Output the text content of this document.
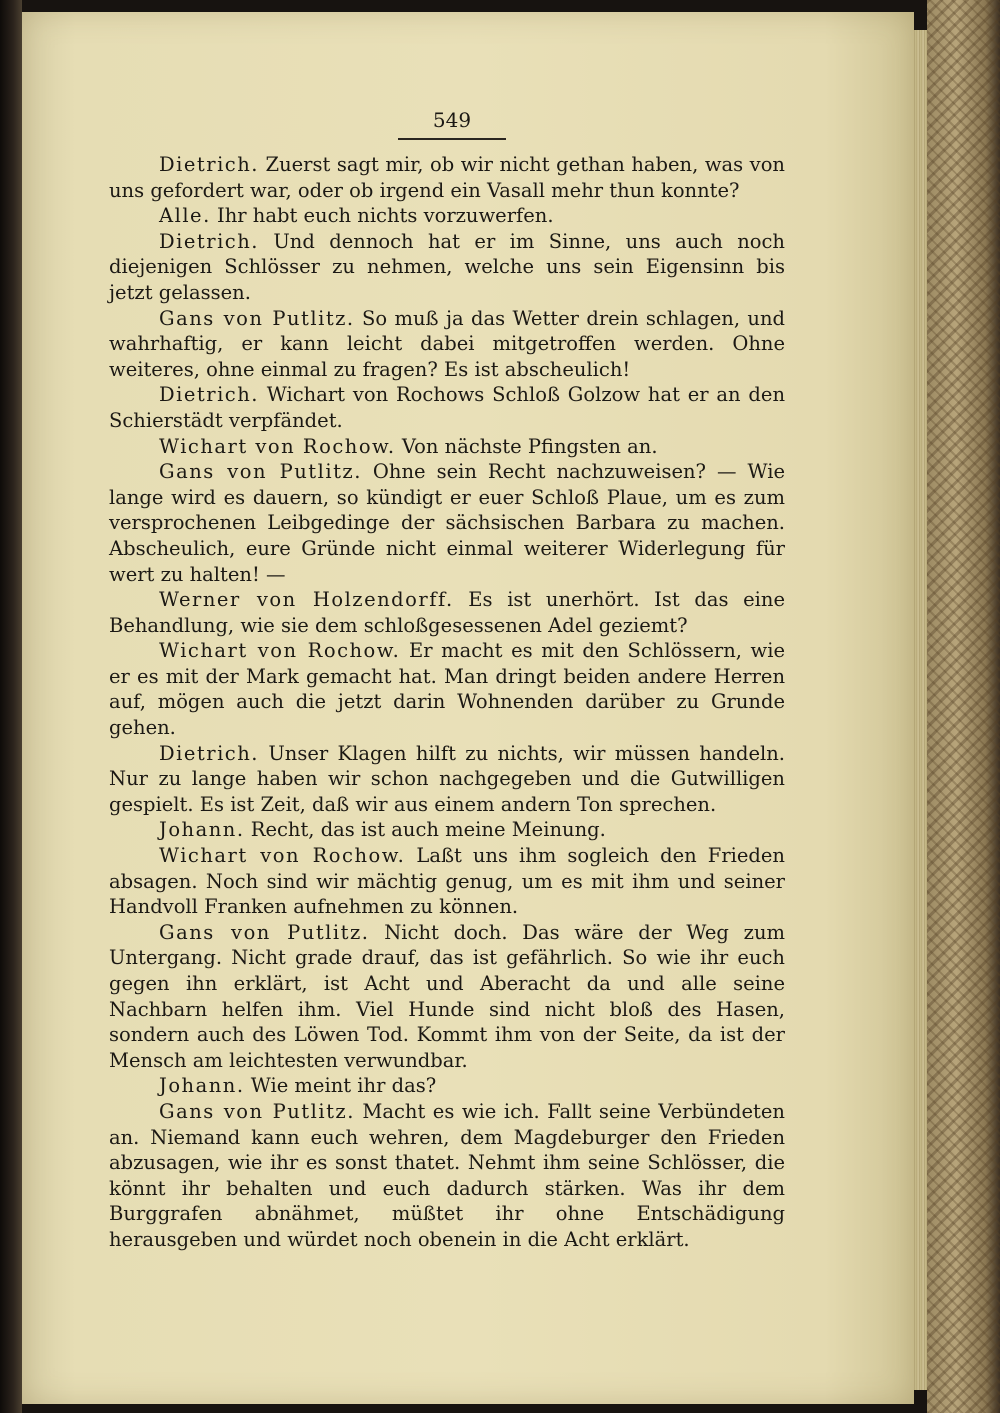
549

Dietrich. Zuerst sagt mir, ob wir nicht gethan haben, was von uns gefordert war, oder ob irgend ein Vasall mehr thun konnte?

Alle. Ihr habt euch nichts vorzuwerfen.

Dietrich. Und dennoch hat er im Sinne, uns auch noch diejenigen Schlösser zu nehmen, welche uns sein Eigensinn bis jetzt gelassen.

Gans von Putlitz. So muß ja das Wetter drein schlagen, und wahrhaftig, er kann leicht dabei mitgetroffen werden. Ohne weiteres, ohne einmal zu fragen? Es ist abscheulich!

Dietrich. Wichart von Rochows Schloß Golzow hat er an den Schierstädt verpfändet.

Wichart von Rochow. Von nächste Pfingsten an.

Gans von Putlitz. Ohne sein Recht nachzuweisen? — Wie lange wird es dauern, so kündigt er euer Schloß Plaue, um es zum versprochenen Leibgedinge der sächsischen Barbara zu machen. Abscheulich, eure Gründe nicht einmal weiterer Widerlegung für wert zu halten! —

Werner von Holzendorff. Es ist unerhört. Ist das eine Behandlung, wie sie dem schloßgesessenen Adel geziemt?

Wichart von Rochow. Er macht es mit den Schlössern, wie er es mit der Mark gemacht hat. Man dringt beiden andere Herren auf, mögen auch die jetzt darin Wohnenden darüber zu Grunde gehen.

Dietrich. Unser Klagen hilft zu nichts, wir müssen handeln. Nur zu lange haben wir schon nachgegeben und die Gutwilligen gespielt. Es ist Zeit, daß wir aus einem andern Ton sprechen.

Johann. Recht, das ist auch meine Meinung.

Wichart von Rochow. Laßt uns ihm sogleich den Frieden absagen. Noch sind wir mächtig genug, um es mit ihm und seiner Handvoll Franken aufnehmen zu können.

Gans von Putlitz. Nicht doch. Das wäre der Weg zum Untergang. Nicht grade drauf, das ist gefährlich. So wie ihr euch gegen ihn erklärt, ist Acht und Aberacht da und alle seine Nachbarn helfen ihm. Viel Hunde sind nicht bloß des Hasen, sondern auch des Löwen Tod. Kommt ihm von der Seite, da ist der Mensch am leichtesten verwundbar.

Johann. Wie meint ihr das?

Gans von Putlitz. Macht es wie ich. Fallt seine Verbündeten an. Niemand kann euch wehren, dem Magdeburger den Frieden abzusagen, wie ihr es sonst thatet. Nehmt ihm seine Schlösser, die könnt ihr behalten und euch dadurch stärken. Was ihr dem Burggrafen abnähmet, müßtet ihr ohne Entschädigung herausgeben und würdet noch obenein in die Acht erklärt.
